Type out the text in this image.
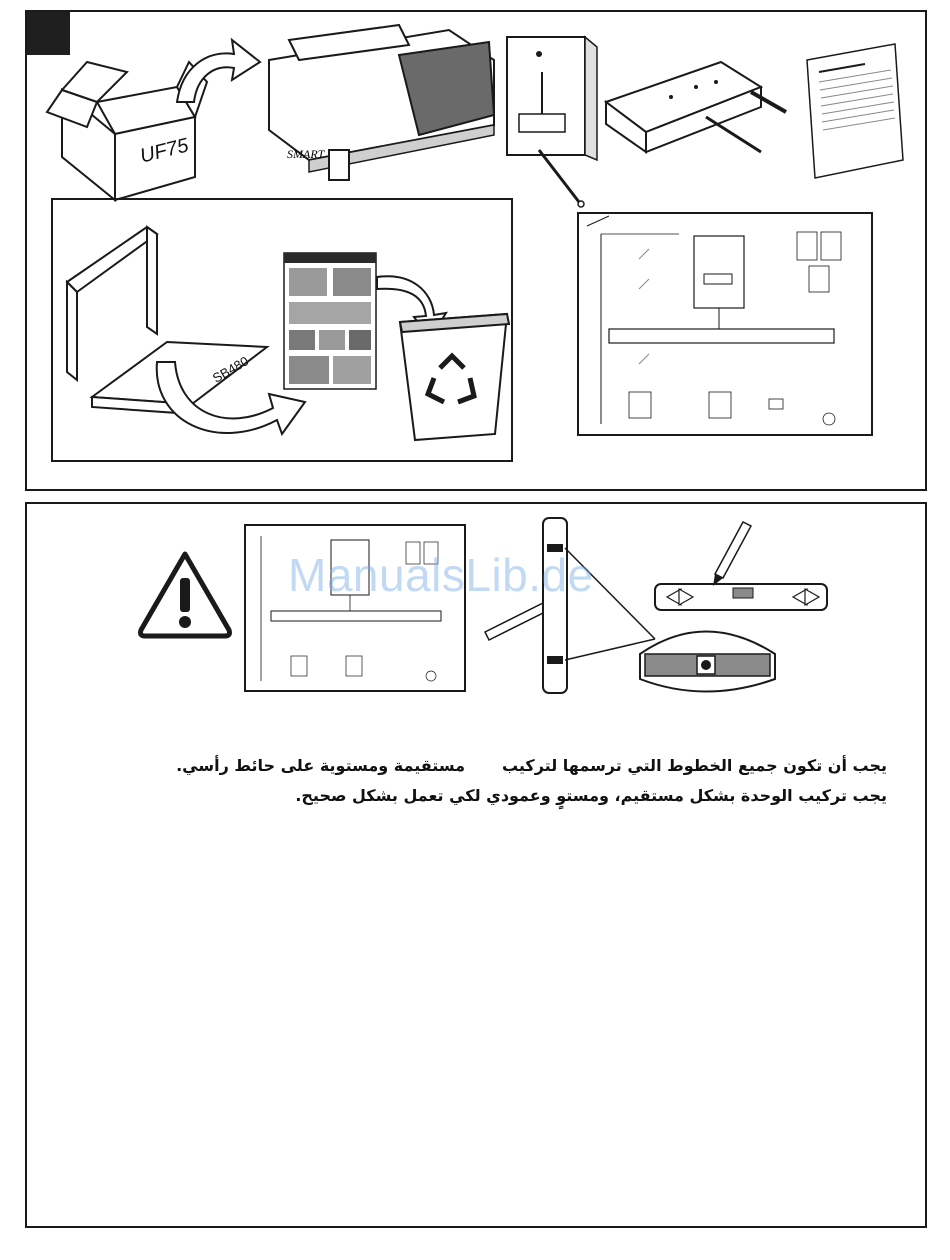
UF75	SMART
SB480
يجب أن تكون جميع الخطوط التي ترسمها لتركيب
مستقيمة ومستوية على حائط رأسي.
يجب تركيب الوحدة بشكل مستقيم، ومستوٍ وعمودي لكي تعمل بشكل صحيح.
ManualsLib.de
